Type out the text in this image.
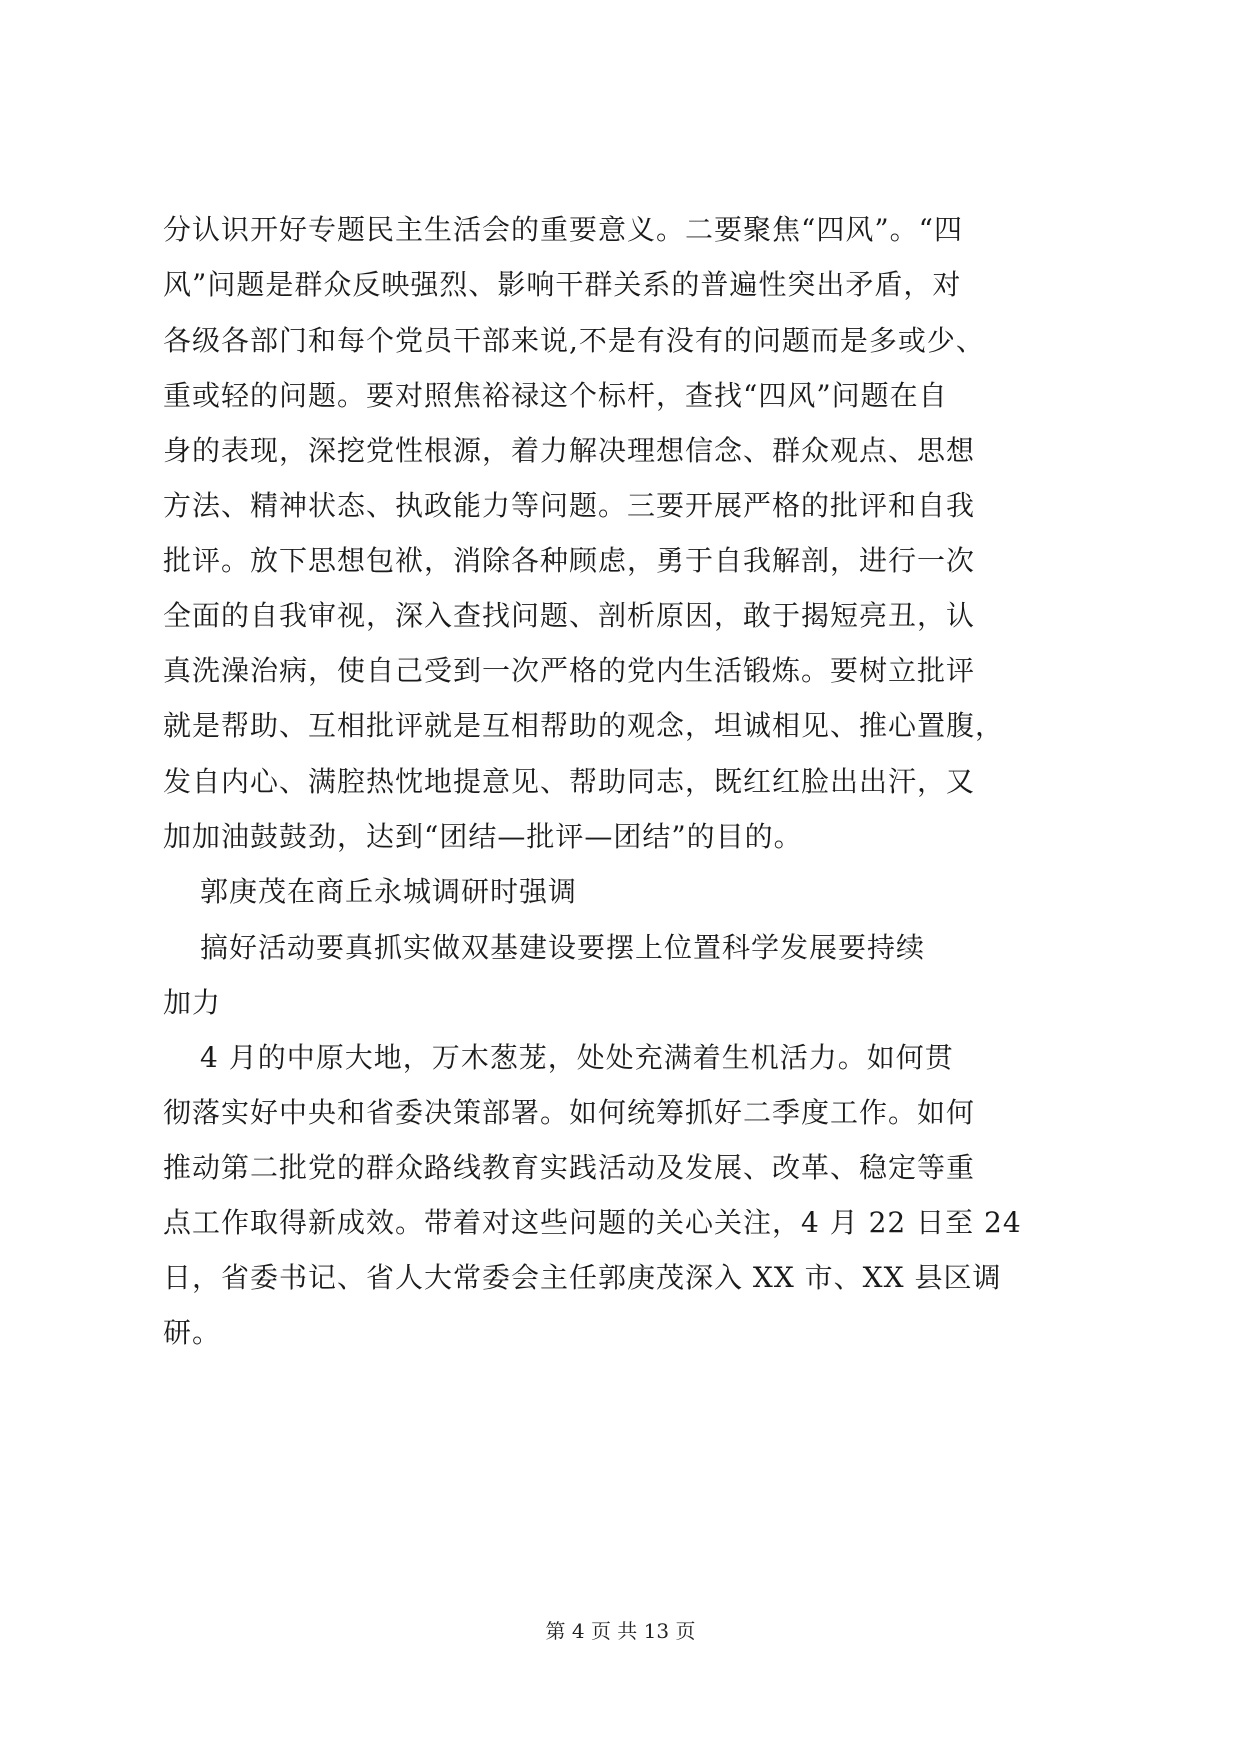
分认识开好专题民主生活会的重要意义。二要聚焦“四风”。“四
风”问题是群众反映强烈、影响干群关系的普遍性突出矛盾，对
各级各部门和每个党员干部来说,不是有没有的问题而是多或少、
重或轻的问题。要对照焦裕禄这个标杆，查找“四风”问题在自
身的表现，深挖党性根源，着力解决理想信念、群众观点、思想
方法、精神状态、执政能力等问题。三要开展严格的批评和自我
批评。放下思想包袱，消除各种顾虑，勇于自我解剖，进行一次
全面的自我审视，深入查找问题、剖析原因，敢于揭短亮丑，认
真洗澡治病，使自己受到一次严格的党内生活锻炼。要树立批评
就是帮助、互相批评就是互相帮助的观念，坦诚相见、推心置腹，
发自内心、满腔热忱地提意见、帮助同志，既红红脸出出汗，又
加加油鼓鼓劲，达到“团结—批评—团结”的目的。
郭庚茂在商丘永城调研时强调
搞好活动要真抓实做双基建设要摆上位置科学发展要持续
加力
4 月的中原大地，万木葱茏，处处充满着生机活力。如何贯
彻落实好中央和省委决策部署。如何统筹抓好二季度工作。如何
推动第二批党的群众路线教育实践活动及发展、改革、稳定等重
点工作取得新成效。带着对这些问题的关心关注，4 月 22 日至 24
日，省委书记、省人大常委会主任郭庚茂深入 XX 市、XX 县区调
研。
第 4 页 共 13 页
